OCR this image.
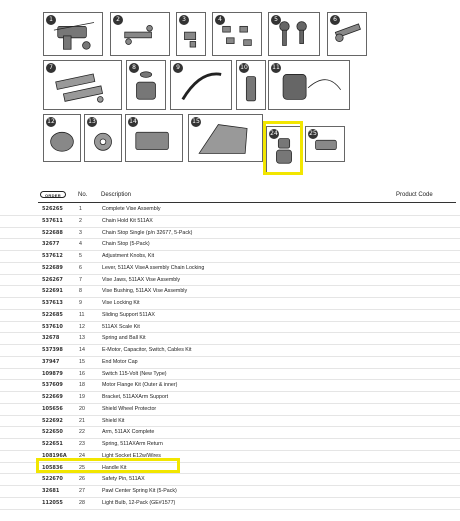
1	2	3	4	5	6
7	8	9	10	11
12	13	14	15
24	25
ORDER	No. Description	Product Code
526265	1	Complete Vise Assembly
537611	2	Chain Hold Kit 511AX
522688	3	Chain Stop Single (p/n 32677, 5-Pack)
32677	4	Chain Stop (5-Pack)
537612	5	Adjustment Knobs, Kit
522689	6	Lever, 511AX ViseA ssembly Chain Locking
526267	7	Vise Jaws, 511AX Vise Assembly
522691	8	Vise Bushing, 511AX Vise Assembly
537613	9	Vise Locking Kit
522685	11	Sliding Support 511AX
537610	12	511AX Scale Kit
32678	13	Spring and Ball Kit
537398	14	E-Motor, Capacitor, Switch, Cables Kit
37947	15	End Motor Cap
109879	16	Switch 115-Volt (New Type)
537609	18	Motor Flange Kit (Outer & inner)
522669	19	Bracket, 511AXArm Support
105656	20	Shield Wheel Protector
522692	21	Shield Kit
522650	22	Arm, 511AX Complete
522651	23	Spring, 511AXArm Return
108196A 24	Light Socket E12w/Wires
105836	25	Handle Kit
522670	26	Safety Pin, 511AX
32681	27	Pawl Center Spring Kit (5-Pack)
112055	28	Light Bulb, 12-Pack (GE#1577)
